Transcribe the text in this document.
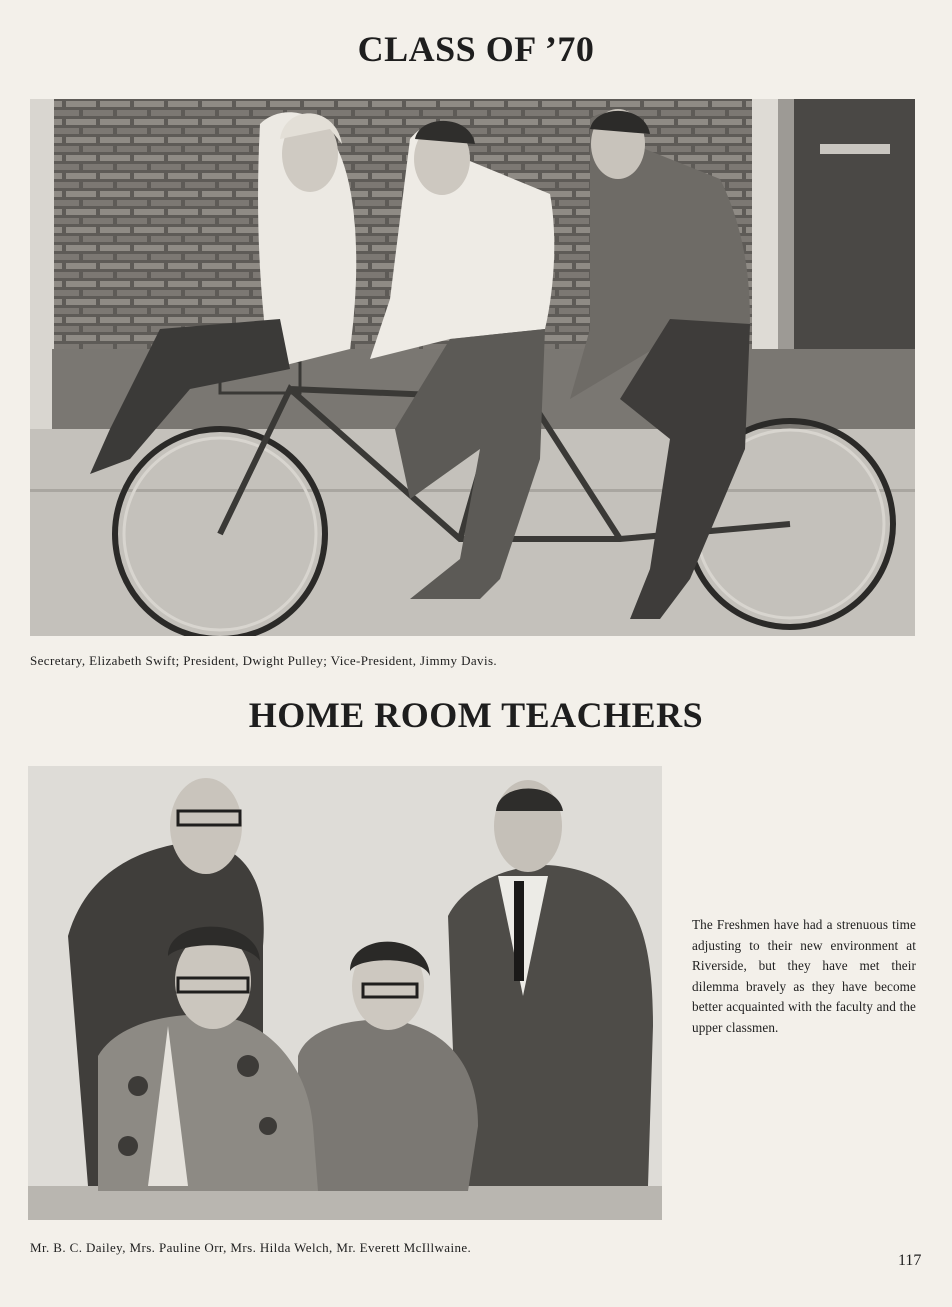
CLASS OF ’70

Secretary, Elizabeth Swift; President, Dwight Pulley; Vice-President, Jimmy Davis.

HOME ROOM TEACHERS

The Freshmen have had a strenuous time adjusting to their new environment at Riverside, but they have met their dilemma bravely as they have become better acquainted with the faculty and the upper classmen.

Mr. B. C. Dailey, Mrs. Pauline Orr, Mrs. Hilda Welch, Mr. Everett McIllwaine.

117
